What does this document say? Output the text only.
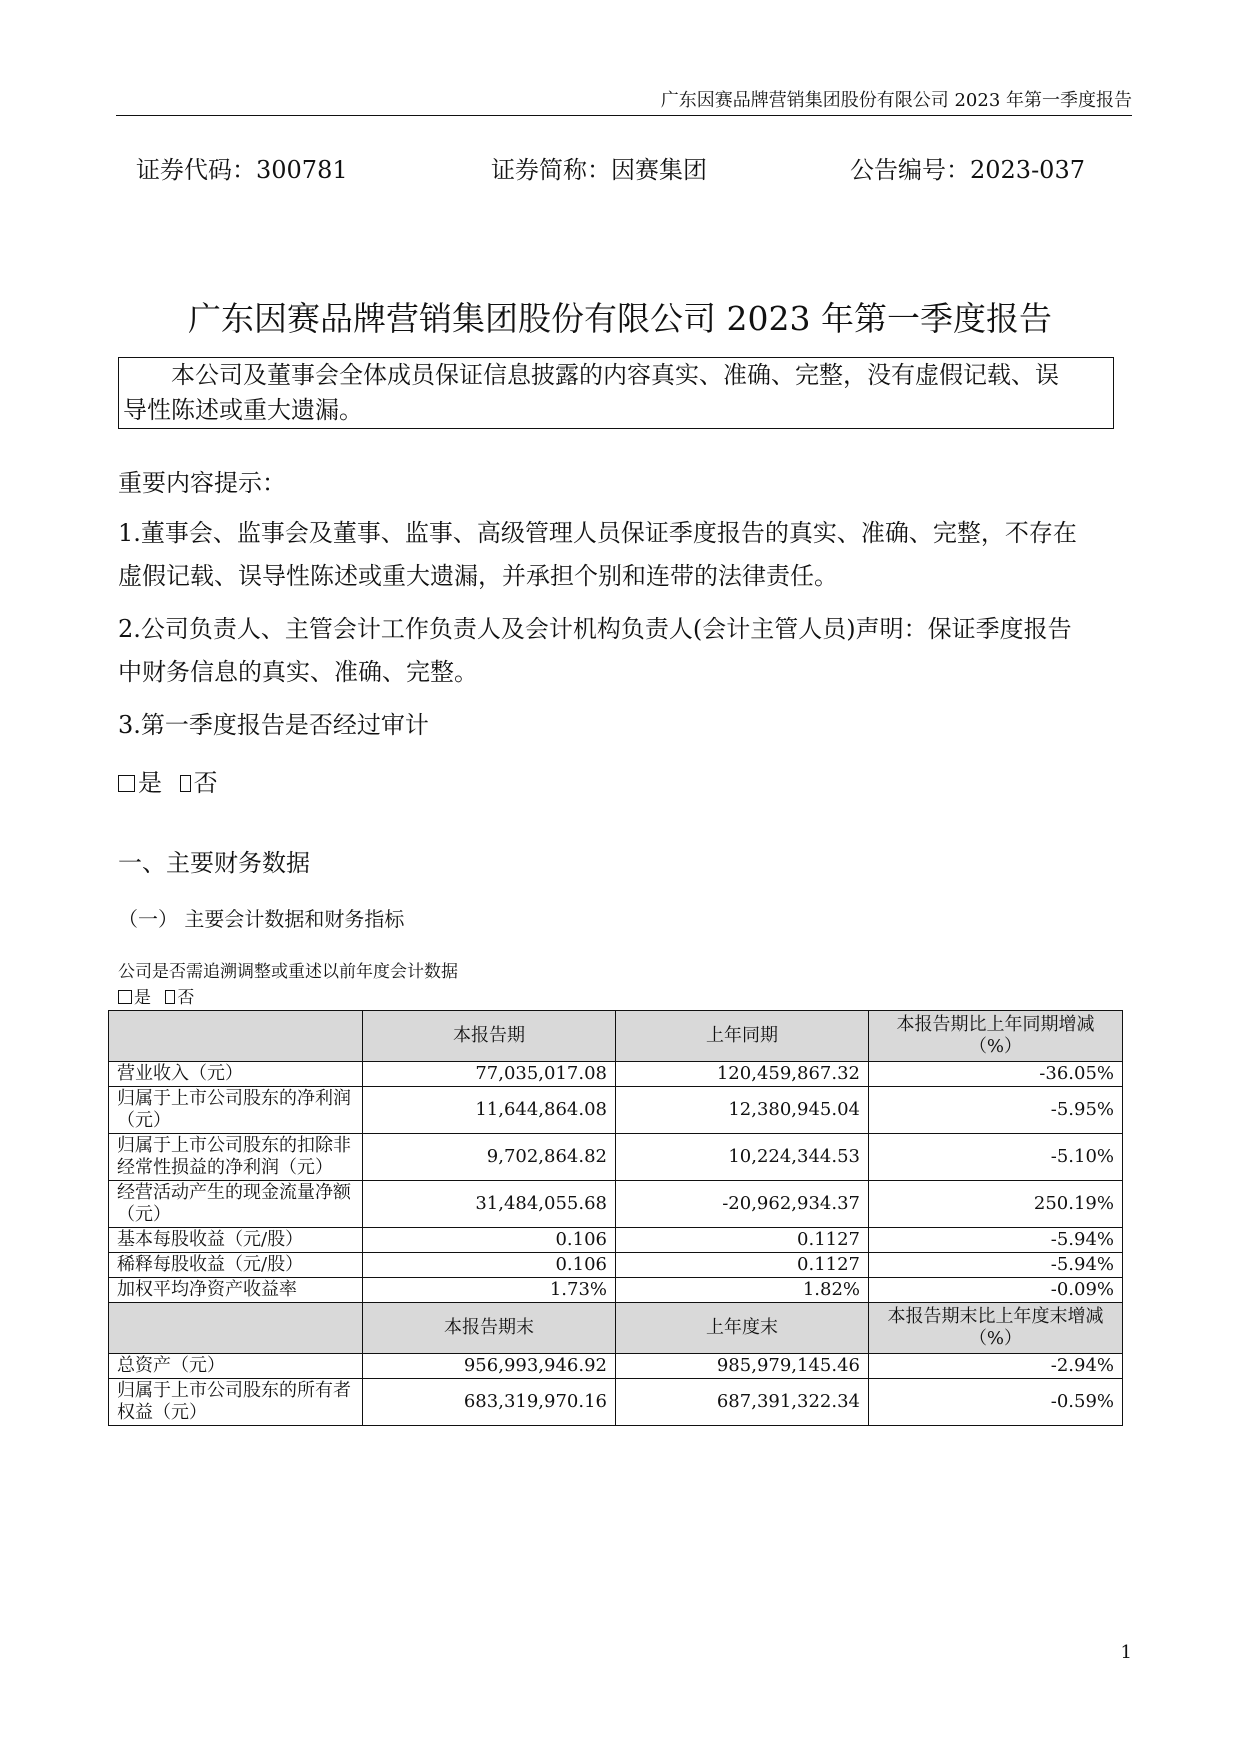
广东因赛品牌营销集团股份有限公司 2023 年第一季度报告
证券代码：300781	证券简称：因赛集团	公告编号：2023-037
广东因赛品牌营销集团股份有限公司 2023 年第一季度报告
本公司及董事会全体成员保证信息披露的内容真实、准确、完整，没有虚假记载、误
导性陈述或重大遗漏。
重要内容提示：
1.董事会、监事会及董事、监事、高级管理人员保证季度报告的真实、准确、完整，不存在
虚假记载、误导性陈述或重大遗漏，并承担个别和连带的法律责任。
2.公司负责人、主管会计工作负责人及会计机构负责人(会计主管人员)声明：保证季度报告
中财务信息的真实、准确、完整。
3.第一季度报告是否经过审计
是 否
一、主要财务数据
（一） 主要会计数据和财务指标
公司是否需追溯调整或重述以前年度会计数据
是 否
	本报告期	上年同期	本报告期比上年同期增减（%）
营业收入（元）	77,035,017.08	120,459,867.32	-36.05%
归属于上市公司股东的净利润（元）	11,644,864.08	12,380,945.04	-5.95%
归属于上市公司股东的扣除非经常性损益的净利润（元）	9,702,864.82	10,224,344.53	-5.10%
经营活动产生的现金流量净额（元）	31,484,055.68	-20,962,934.37	250.19%
基本每股收益（元/股）	0.106	0.1127	-5.94%
稀释每股收益（元/股）	0.106	0.1127	-5.94%
加权平均净资产收益率	1.73%	1.82%	-0.09%
	本报告期末	上年度末	本报告期末比上年度末增减（%）
总资产（元）	956,993,946.92	985,979,145.46	-2.94%
归属于上市公司股东的所有者权益（元）	683,319,970.16	687,391,322.34	-0.59%
1
